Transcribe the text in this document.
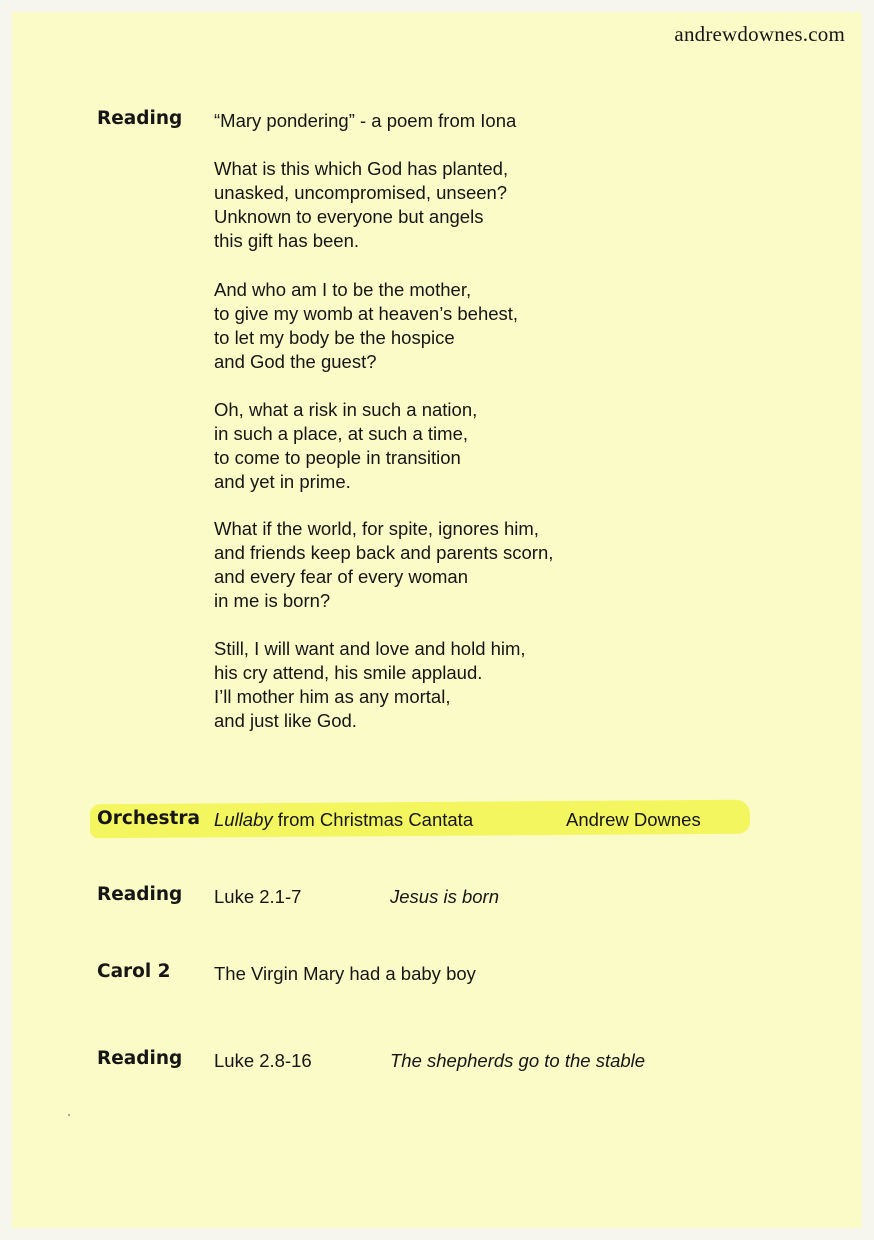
andrewdownes.com
Reading “Mary pondering” - a poem from Iona
What is this which God has planted,
unasked, uncompromised, unseen?
Unknown to everyone but angels
this gift has been.
And who am I to be the mother,
to give my womb at heaven’s behest,
to let my body be the hospice
and God the guest?
Oh, what a risk in such a nation,
in such a place, at such a time,
to come to people in transition
and yet in prime.
What if the world, for spite, ignores him,
and friends keep back and parents scorn,
and every fear of every woman
in me is born?
Still, I will want and love and hold him,
his cry attend, his smile applaud.
I’ll mother him as any mortal,
and just like God.
Orchestra Lullaby from Christmas Cantata	Andrew Downes
Reading Luke 2.1-7	Jesus is born
Carol 2 The Virgin Mary had a baby boy
Reading Luke 2.8-16	The shepherds go to the stable
